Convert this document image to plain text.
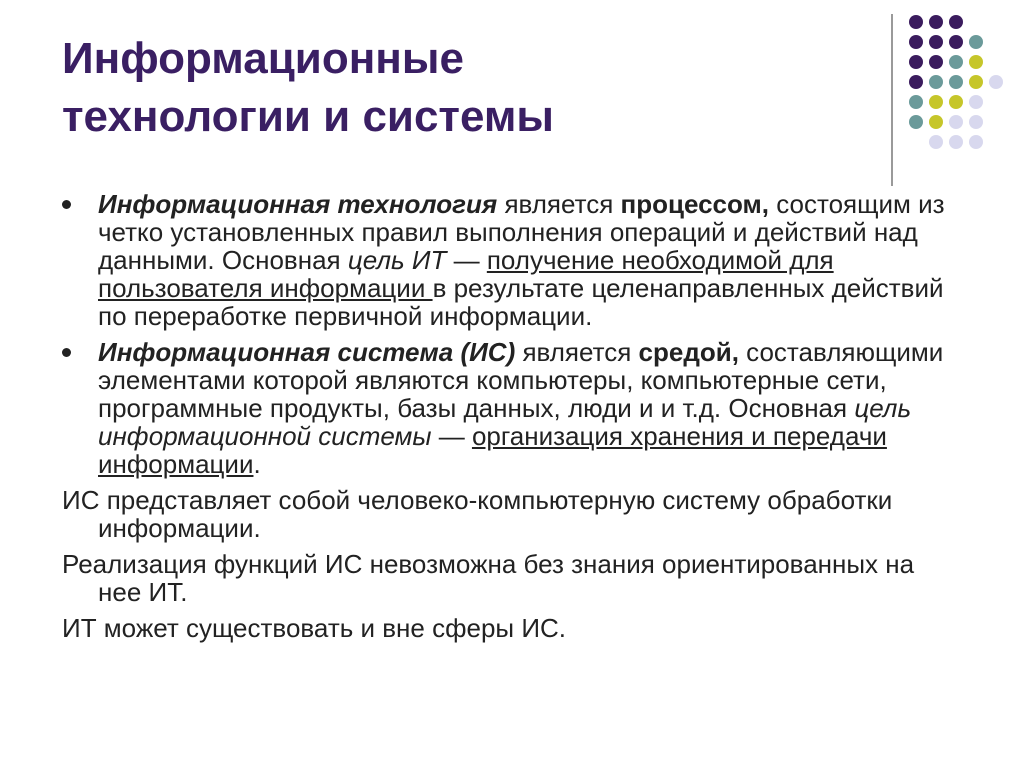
Информационные
технологии и системы
Информационная технология является процессом, состоящим из четко установленных правил выполнения операций и действий над данными. Основная цель ИТ — получение необходимой для пользователя информации в результате целенаправленных действий по переработке первичной информации.
Информационная система (ИС) является средой, составляющими элементами которой являются компьютеры, компьютерные сети, программные продукты, базы данных, люди и и т.д. Основная цель информационной системы — организация хранения и передачи информации.
ИС представляет собой человеко-компьютерную систему обработки информации.
Реализация функций ИС невозможна без знания ориентированных на нее ИТ.
ИТ может существовать и вне сферы ИС.
